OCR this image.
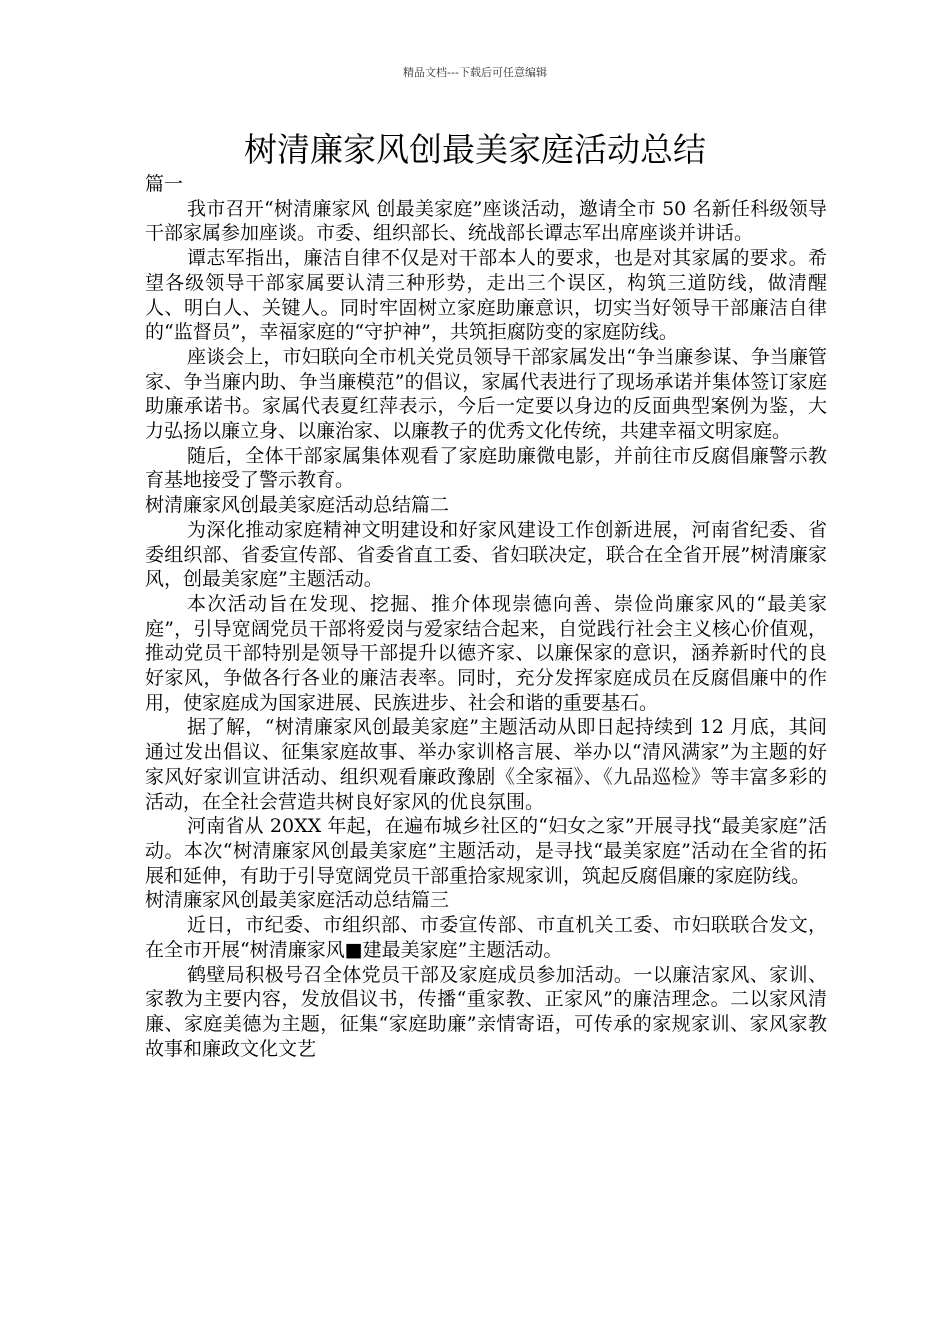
精品文档---下载后可任意编辑
树清廉家风创最美家庭活动总结

篇一

我市召开“树清廉家风 创最美家庭”座谈活动，邀请全市 50 名新任科级领导干部家属参加座谈。市委、组织部长、统战部长谭志军出席座谈并讲话。

谭志军指出，廉洁自律不仅是对干部本人的要求，也是对其家属的要求。希望各级领导干部家属要认清三种形势，走出三个误区，构筑三道防线，做清醒人、明白人、关键人。同时牢固树立家庭助廉意识，切实当好领导干部廉洁自律的“监督员”，幸福家庭的“守护神”，共筑拒腐防变的家庭防线。

座谈会上，市妇联向全市机关党员领导干部家属发出“争当廉参谋、争当廉管家、争当廉内助、争当廉模范”的倡议，家属代表进行了现场承诺并集体签订家庭助廉承诺书。家属代表夏红萍表示，今后一定要以身边的反面典型案例为鉴，大力弘扬以廉立身、以廉治家、以廉教子的优秀文化传统，共建幸福文明家庭。

随后，全体干部家属集体观看了家庭助廉微电影，并前往市反腐倡廉警示教育基地接受了警示教育。

树清廉家风创最美家庭活动总结篇二

为深化推动家庭精神文明建设和好家风建设工作创新进展，河南省纪委、省委组织部、省委宣传部、省委省直工委、省妇联决定，联合在全省开展”树清廉家风，创最美家庭”主题活动。

本次活动旨在发现、挖掘、推介体现崇德向善、崇俭尚廉家风的“最美家庭”，引导宽阔党员干部将爱岗与爱家结合起来，自觉践行社会主义核心价值观，推动党员干部特别是领导干部提升以德齐家、以廉保家的意识，涵养新时代的良好家风，争做各行各业的廉洁表率。同时，充分发挥家庭成员在反腐倡廉中的作用，使家庭成为国家进展、民族进步、社会和谐的重要基石。

据了解，“树清廉家风创最美家庭”主题活动从即日起持续到 12 月底，其间通过发出倡议、征集家庭故事、举办家训格言展、举办以“清风满家”为主题的好家风好家训宣讲活动、组织观看廉政豫剧《全家福》、《九品巡检》等丰富多彩的活动，在全社会营造共树良好家风的优良氛围。

河南省从 20XX 年起，在遍布城乡社区的“妇女之家”开展寻找“最美家庭”活动。本次“树清廉家风创最美家庭”主题活动，是寻找“最美家庭”活动在全省的拓展和延伸，有助于引导宽阔党员干部重拾家规家训，筑起反腐倡廉的家庭防线。

树清廉家风创最美家庭活动总结篇三

近日，市纪委、市组织部、市委宣传部、市直机关工委、市妇联联合发文，在全市开展“树清廉家风■建最美家庭”主题活动。

鹤壁局积极号召全体党员干部及家庭成员参加活动。一以廉洁家风、家训、家教为主要内容，发放倡议书，传播“重家教、正家风”的廉洁理念。二以家风清廉、家庭美德为主题，征集“家庭助廉”亲情寄语，可传承的家规家训、家风家教故事和廉政文化文艺
